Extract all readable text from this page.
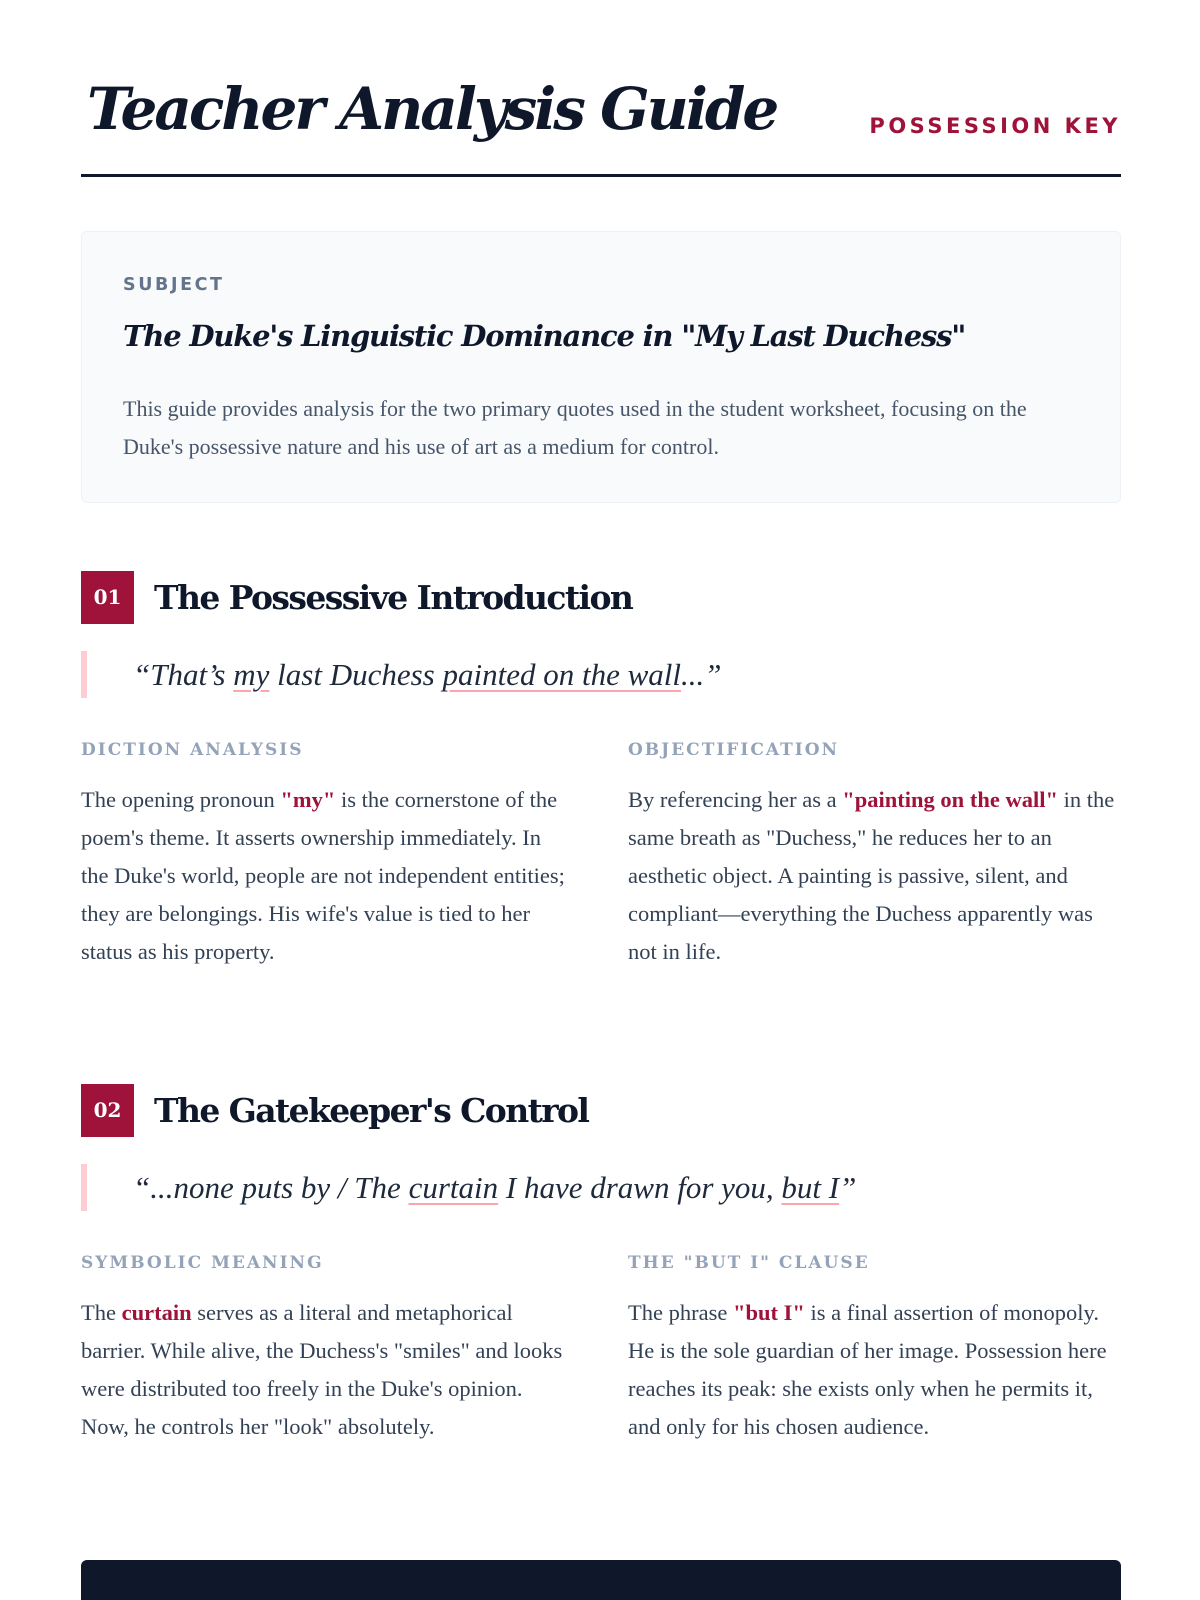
Teacher Analysis Guide	POSSESSION KEY
SUBJECT
The Duke's Linguistic Dominance in "My Last Duchess"
This guide provides analysis for the two primary quotes used in the student worksheet, focusing on the Duke's possessive nature and his use of art as a medium for control.
01 The Possessive Introduction
“That’s my last Duchess painted on the wall...”
DICTION ANALYSIS
The opening pronoun "my" is the cornerstone of the poem's theme. It asserts ownership immediately. In the Duke's world, people are not independent entities; they are belongings. His wife's value is tied to her status as his property.
OBJECTIFICATION
By referencing her as a "painting on the wall" in the same breath as "Duchess," he reduces her to an aesthetic object. A painting is passive, silent, and compliant—everything the Duchess apparently was not in life.
02 The Gatekeeper's Control
“...none puts by / The curtain I have drawn for you, but I”
SYMBOLIC MEANING
The curtain serves as a literal and metaphorical barrier. While alive, the Duchess's "smiles" and looks were distributed too freely in the Duke's opinion. Now, he controls her "look" absolutely.
THE "BUT I" CLAUSE
The phrase "but I" is a final assertion of monopoly. He is the sole guardian of her image. Possession here reaches its peak: she exists only when he permits it, and only for his chosen audience.
